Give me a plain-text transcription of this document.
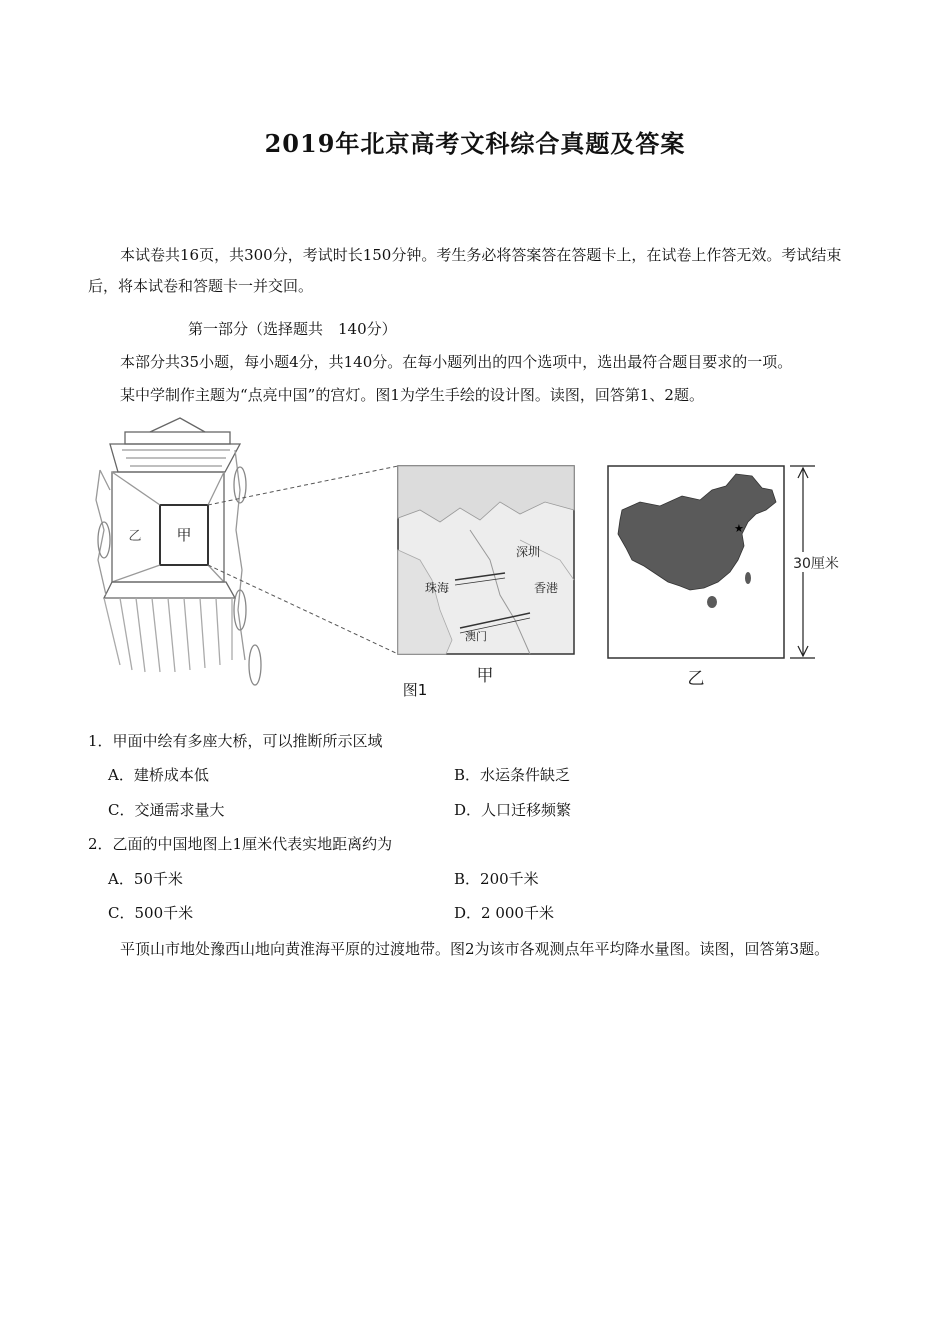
2019年北京高考文科综合真题及答案
本试卷共16页，共300分，考试时长150分钟。考生务必将答案答在答题卡上，在试卷上作答无效。考试结束后，将本试卷和答题卡一并交回。
第一部分（选择题共　140分）
本部分共35小题，每小题4分，共140分。在每小题列出的四个选项中，选出最符合题目要求的一项。
某中学制作主题为“点亮中国”的宫灯。图1为学生手绘的设计图。读图，回答第1、2题。
甲
乙
深圳
珠海	香港
澳门
★
30厘米
甲	乙
图1
1．甲面中绘有多座大桥，可以推断所示区域
A．建桥成本低	B．水运条件缺乏
C．交通需求量大	D．人口迁移频繁
2．乙面的中国地图上1厘米代表实地距离约为
A．50千米	B．200千米
C．500千米	D．2 000千米
平顶山市地处豫西山地向黄淮海平原的过渡地带。图2为该市各观测点年平均降水量图。读图，回答第3题。
